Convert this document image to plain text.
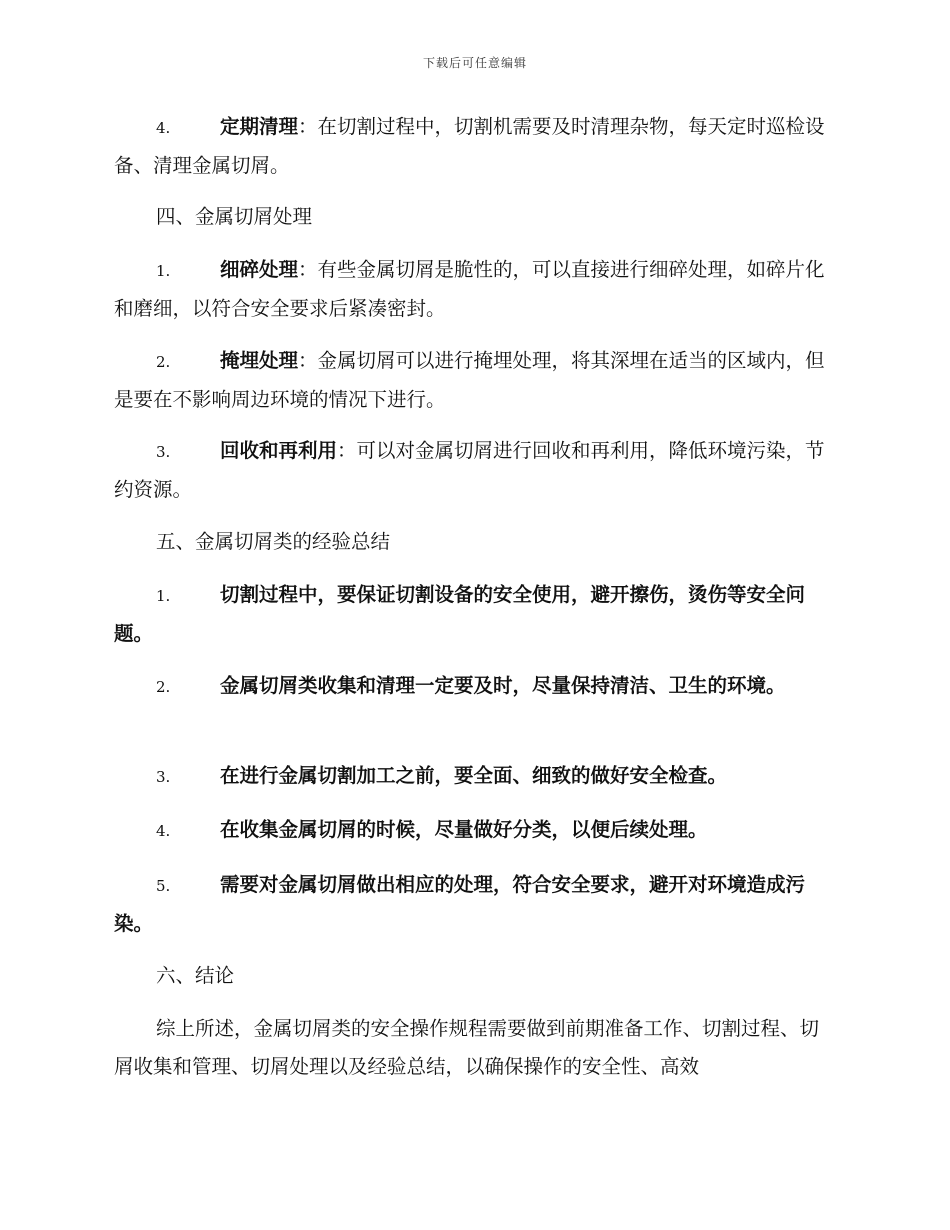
下载后可任意编辑
4.	定期清理：在切割过程中，切割机需要及时清理杂物，每天定时巡检设备、清理金属切屑。
四、金属切屑处理
1.	细碎处理：有些金属切屑是脆性的，可以直接进行细碎处理，如碎片化和磨细，以符合安全要求后紧凑密封。
2.	掩埋处理：金属切屑可以进行掩埋处理，将其深埋在适当的区域内，但是要在不影响周边环境的情况下进行。
3.	回收和再利用：可以对金属切屑进行回收和再利用，降低环境污染，节约资源。
五、金属切屑类的经验总结
1.	切割过程中，要保证切割设备的安全使用，避开擦伤，烫伤等安全问题。
2.	金属切屑类收集和清理一定要及时，尽量保持清洁、卫生的环境。
3.	在进行金属切割加工之前，要全面、细致的做好安全检查。
4.	在收集金属切屑的时候，尽量做好分类，以便后续处理。
5.	需要对金属切屑做出相应的处理，符合安全要求，避开对环境造成污染。
六、结论
综上所述，金属切屑类的安全操作规程需要做到前期准备工作、切割过程、切屑收集和管理、切屑处理以及经验总结，以确保操作的安全性、高效
